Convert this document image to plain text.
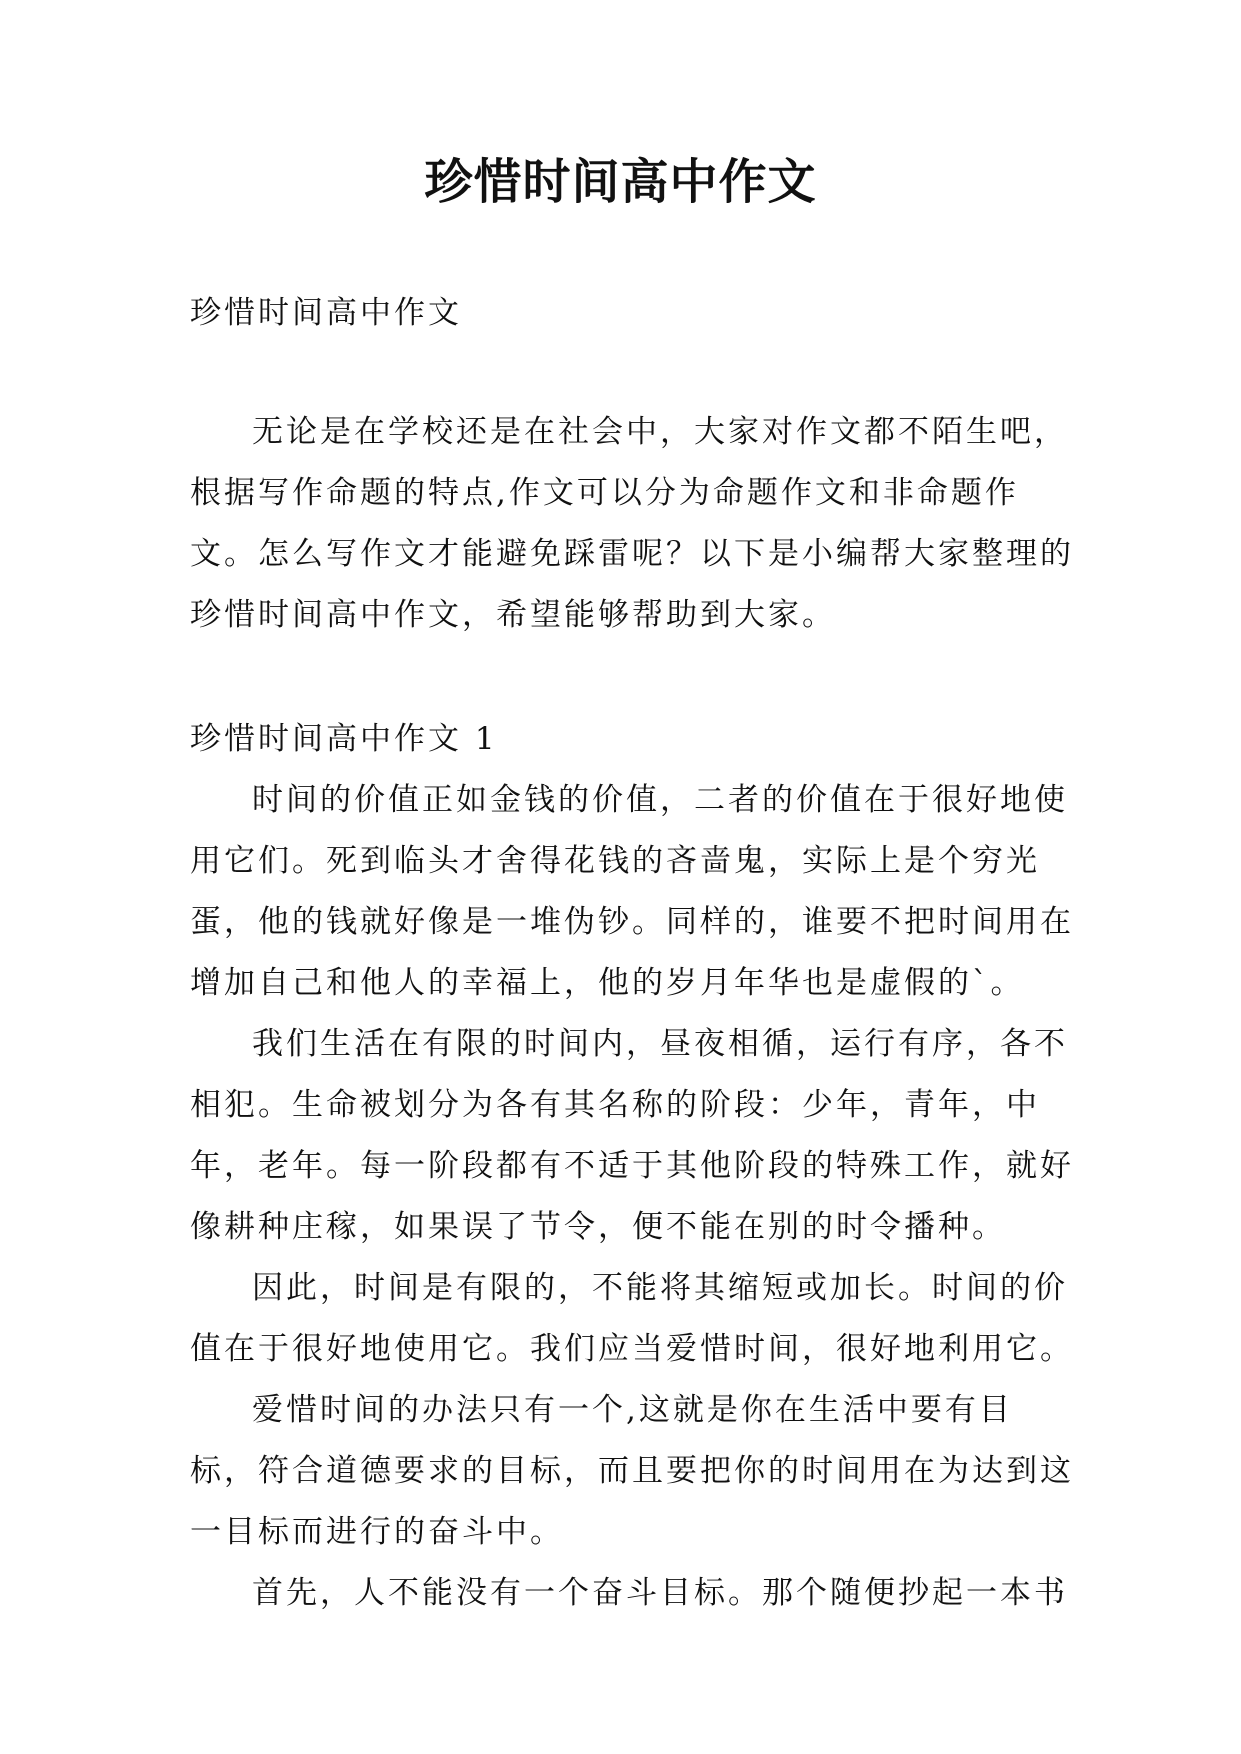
珍惜时间高中作文

珍惜时间高中作文

无论是在学校还是在社会中，大家对作文都不陌生吧，根据写作命题的特点,作文可以分为命题作文和非命题作文。怎么写作文才能避免踩雷呢？以下是小编帮大家整理的珍惜时间高中作文，希望能够帮助到大家。

珍惜时间高中作文 1

时间的价值正如金钱的价值，二者的价值在于很好地使用它们。死到临头才舍得花钱的吝啬鬼，实际上是个穷光蛋，他的钱就好像是一堆伪钞。同样的，谁要不把时间用在增加自己和他人的幸福上，他的岁月年华也是虚假的`。

我们生活在有限的时间内，昼夜相循，运行有序，各不相犯。生命被划分为各有其名称的阶段：少年，青年，中年，老年。每一阶段都有不适于其他阶段的特殊工作，就好像耕种庄稼，如果误了节令，便不能在别的时令播种。

因此，时间是有限的，不能将其缩短或加长。时间的价值在于很好地使用它。我们应当爱惜时间，很好地利用它。

爱惜时间的办法只有一个,这就是你在生活中要有目标，符合道德要求的目标，而且要把你的时间用在为达到这一目标而进行的奋斗中。

首先，人不能没有一个奋斗目标。那个随便抄起一本书
